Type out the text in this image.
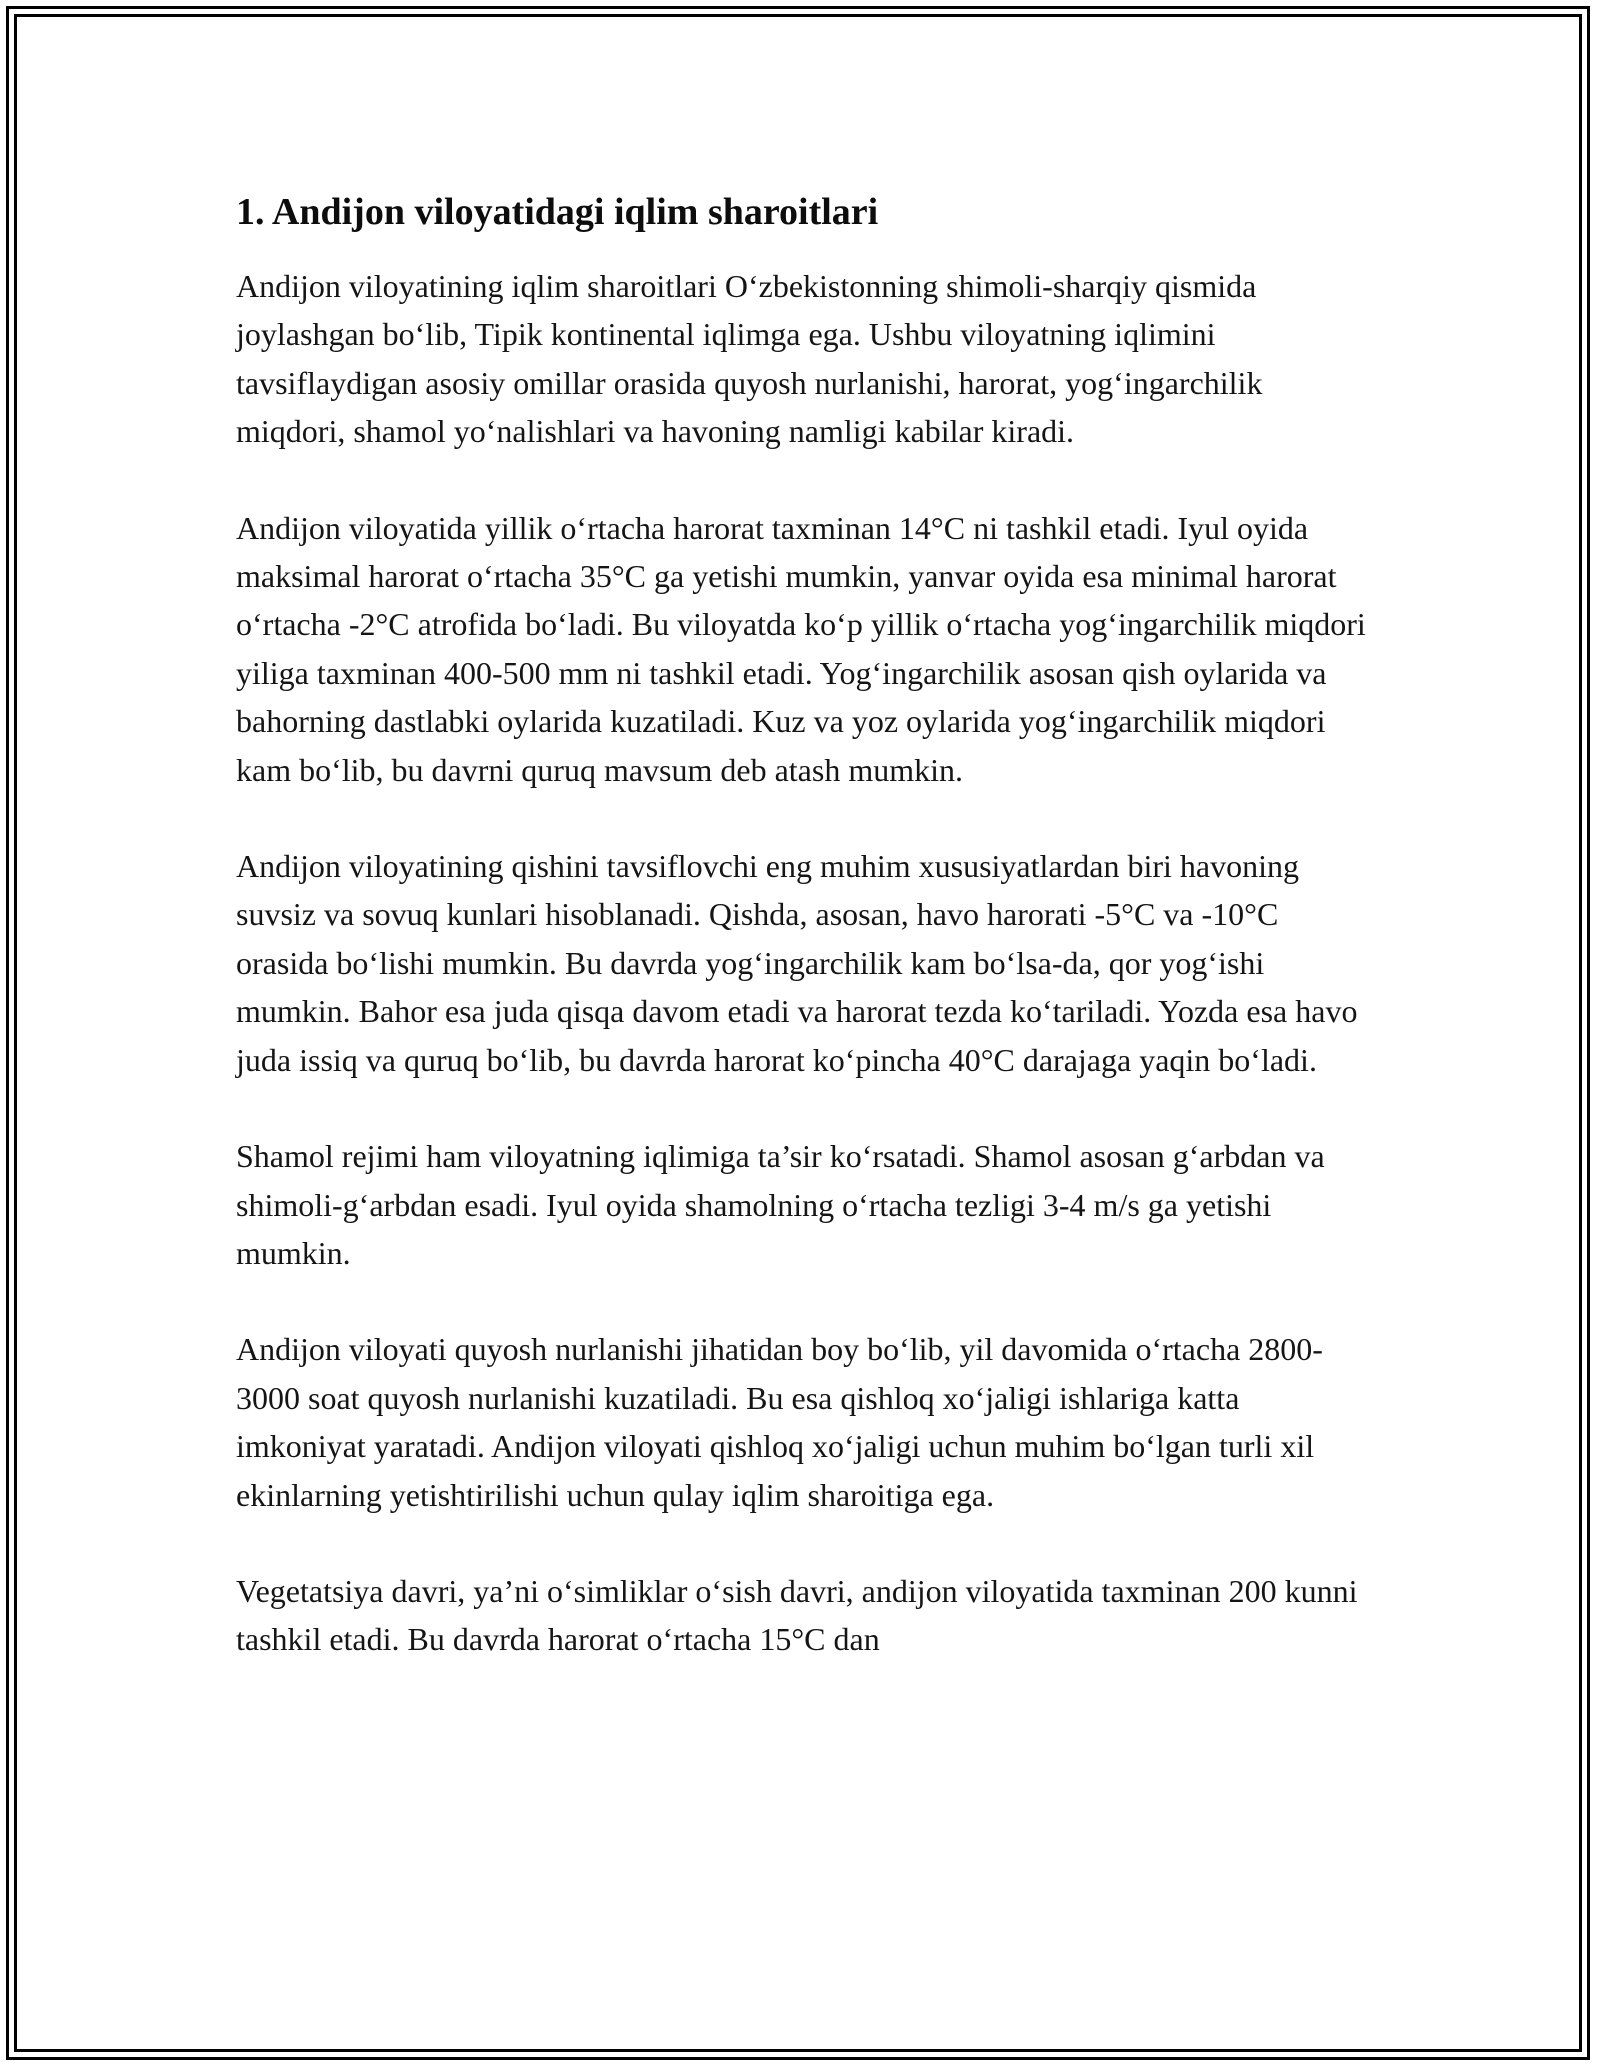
1. Andijon viloyatidagi iqlim sharoitlari

Andijon viloyatining iqlim sharoitlari O‘zbekistonning shimoli-sharqiy qismida joylashgan bo‘lib, Tipik kontinental iqlimga ega. Ushbu viloyatning iqlimini tavsiflaydigan asosiy omillar orasida quyosh nurlanishi, harorat, yog‘ingarchilik miqdori, shamol yo‘nalishlari va havoning namligi kabilar kiradi.

Andijon viloyatida yillik o‘rtacha harorat taxminan 14°C ni tashkil etadi. Iyul oyida maksimal harorat o‘rtacha 35°C ga yetishi mumkin, yanvar oyida esa minimal harorat o‘rtacha -2°C atrofida bo‘ladi. Bu viloyatda ko‘p yillik o‘rtacha yog‘ingarchilik miqdori yiliga taxminan 400-500 mm ni tashkil etadi. Yog‘ingarchilik asosan qish oylarida va bahorning dastlabki oylarida kuzatiladi. Kuz va yoz oylarida yog‘ingarchilik miqdori kam bo‘lib, bu davrni quruq mavsum deb atash mumkin.

Andijon viloyatining qishini tavsiflovchi eng muhim xususiyatlardan biri havoning suvsiz va sovuq kunlari hisoblanadi. Qishda, asosan, havo harorati -5°C va -10°C orasida bo‘lishi mumkin. Bu davrda yog‘ingarchilik kam bo‘lsa-da, qor yog‘ishi mumkin. Bahor esa juda qisqa davom etadi va harorat tezda ko‘tariladi. Yozda esa havo juda issiq va quruq bo‘lib, bu davrda harorat ko‘pincha 40°C darajaga yaqin bo‘ladi.

Shamol rejimi ham viloyatning iqlimiga ta’sir ko‘rsatadi. Shamol asosan g‘arbdan va shimoli-g‘arbdan esadi. Iyul oyida shamolning o‘rtacha tezligi 3-4 m/s ga yetishi mumkin.

Andijon viloyati quyosh nurlanishi jihatidan boy bo‘lib, yil davomida o‘rtacha 2800-3000 soat quyosh nurlanishi kuzatiladi. Bu esa qishloq xo‘jaligi ishlariga katta imkoniyat yaratadi. Andijon viloyati qishloq xo‘jaligi uchun muhim bo‘lgan turli xil ekinlarning yetishtirilishi uchun qulay iqlim sharoitiga ega.

Vegetatsiya davri, ya’ni o‘simliklar o‘sish davri, andijon viloyatida taxminan 200 kunni tashkil etadi. Bu davrda harorat o‘rtacha 15°C dan
